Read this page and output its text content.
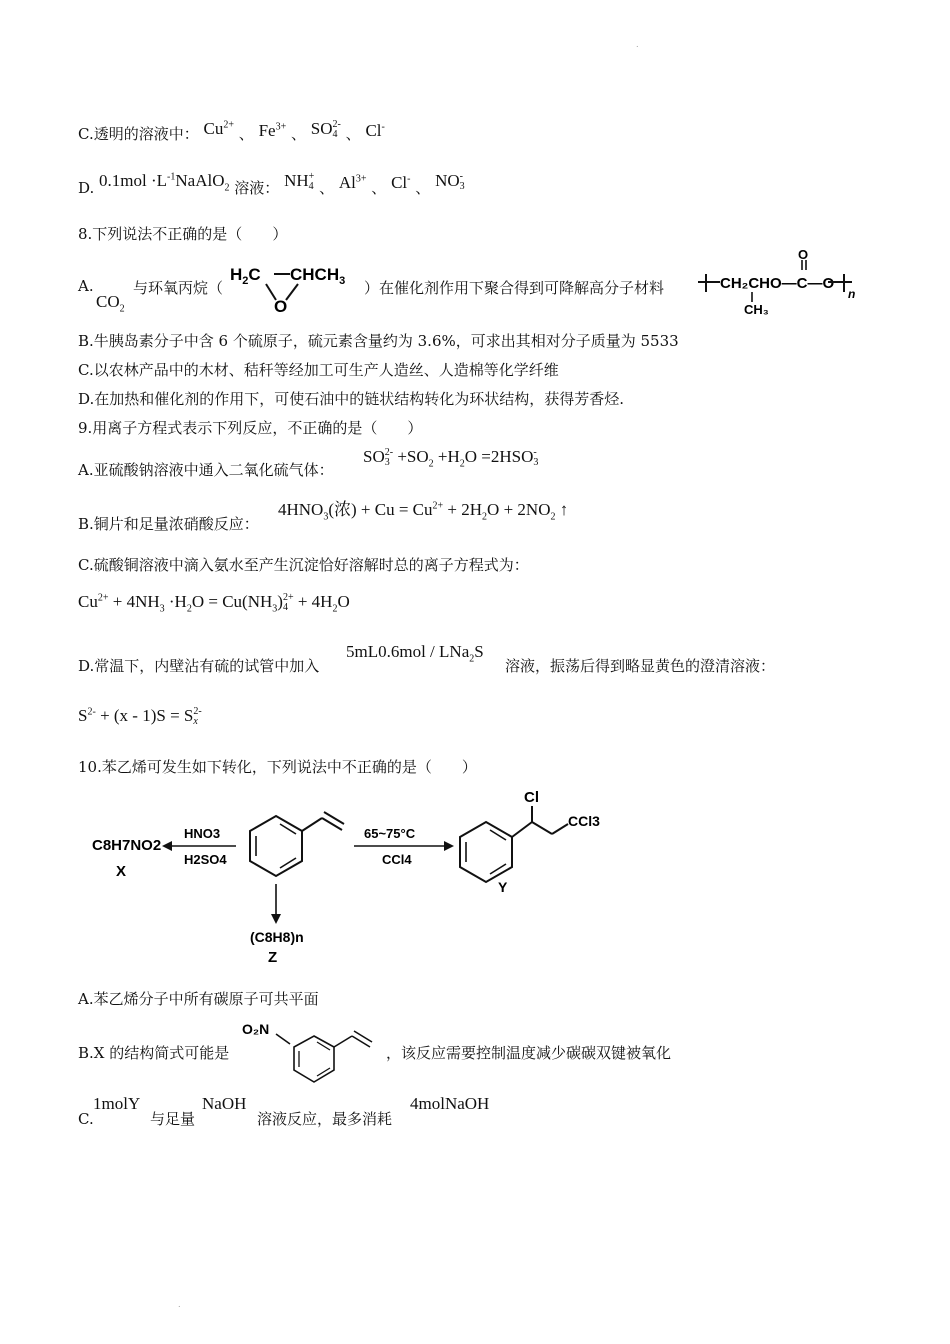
C.透明的溶液中： $Cu^{2+}$ 、 $Fe^{3+}$ 、 SO 2-
4 、 Cl-
D. $0.1mol \cdot L^{-1}NaAlO_2$ 溶液： NH +
4 、 $Al^{3+}$ 、 Cl- 、 NO -
3
8.下列说法不正确的是（　　）
A.
$CO_2$
与环氧丙烷（
$H_2C$ $CHCH_3$
O
）在催化剂作用下聚合得到可降解高分子材料	CH₂CHO—C—O
O
CH₃
n
B.牛胰岛素分子中含 6 个硫原子，硫元素含量约为 3.6%，可求出其相对分子质量为 5533
C.以农林产品中的木材、秸秆等经加工可生产人造丝、人造棉等化学纤维
D.在加热和催化剂的作用下，可使石油中的链状结构转化为环状结构，获得芳香烃.
9.用离子方程式表示下列反应，不正确的是（　　）
A.亚硫酸钠溶液中通入二氧化硫气体：
SO 2-
$3 +SO_2 +H_2O =2HSO$ -
3
B.铜片和足量浓硝酸反应：
$4HNO_3$(浓) + $Cu = Cu^{2+} + 2H_2O + 2NO_2$ ↑
C.硫酸铜溶液中滴入氨水至产生沉淀恰好溶解时总的离子方程式为：
$Cu^{2+} + 4NH_3 \cdot H_2O = Cu(NH_3)$ 2+
$4 + 4H_2O$
D.常温下，内壁沾有硫的试管中加入
5mL0.6mol / LNa$_2$S
溶液，振荡后得到略显黄色的澄清溶液：
$S^{2-} + (x - 1)S = S$ 2-
x
10.苯乙烯可发生如下转化，下列说法中不正确的是（　　）
C8H7NO2
X
HNO3
H2SO4
(C8H8)n
Z
65~75°C
CCl4
Cl
CCl3
Y
A.苯乙烯分子中所有碳原子可共平面
B.X 的结构简式可能是
O₂N
，该反应需要控制温度减少碳碳双键被氧化
C.
1molY
与足量
NaOH
溶液反应，最多消耗
4molNaOH
.
.
